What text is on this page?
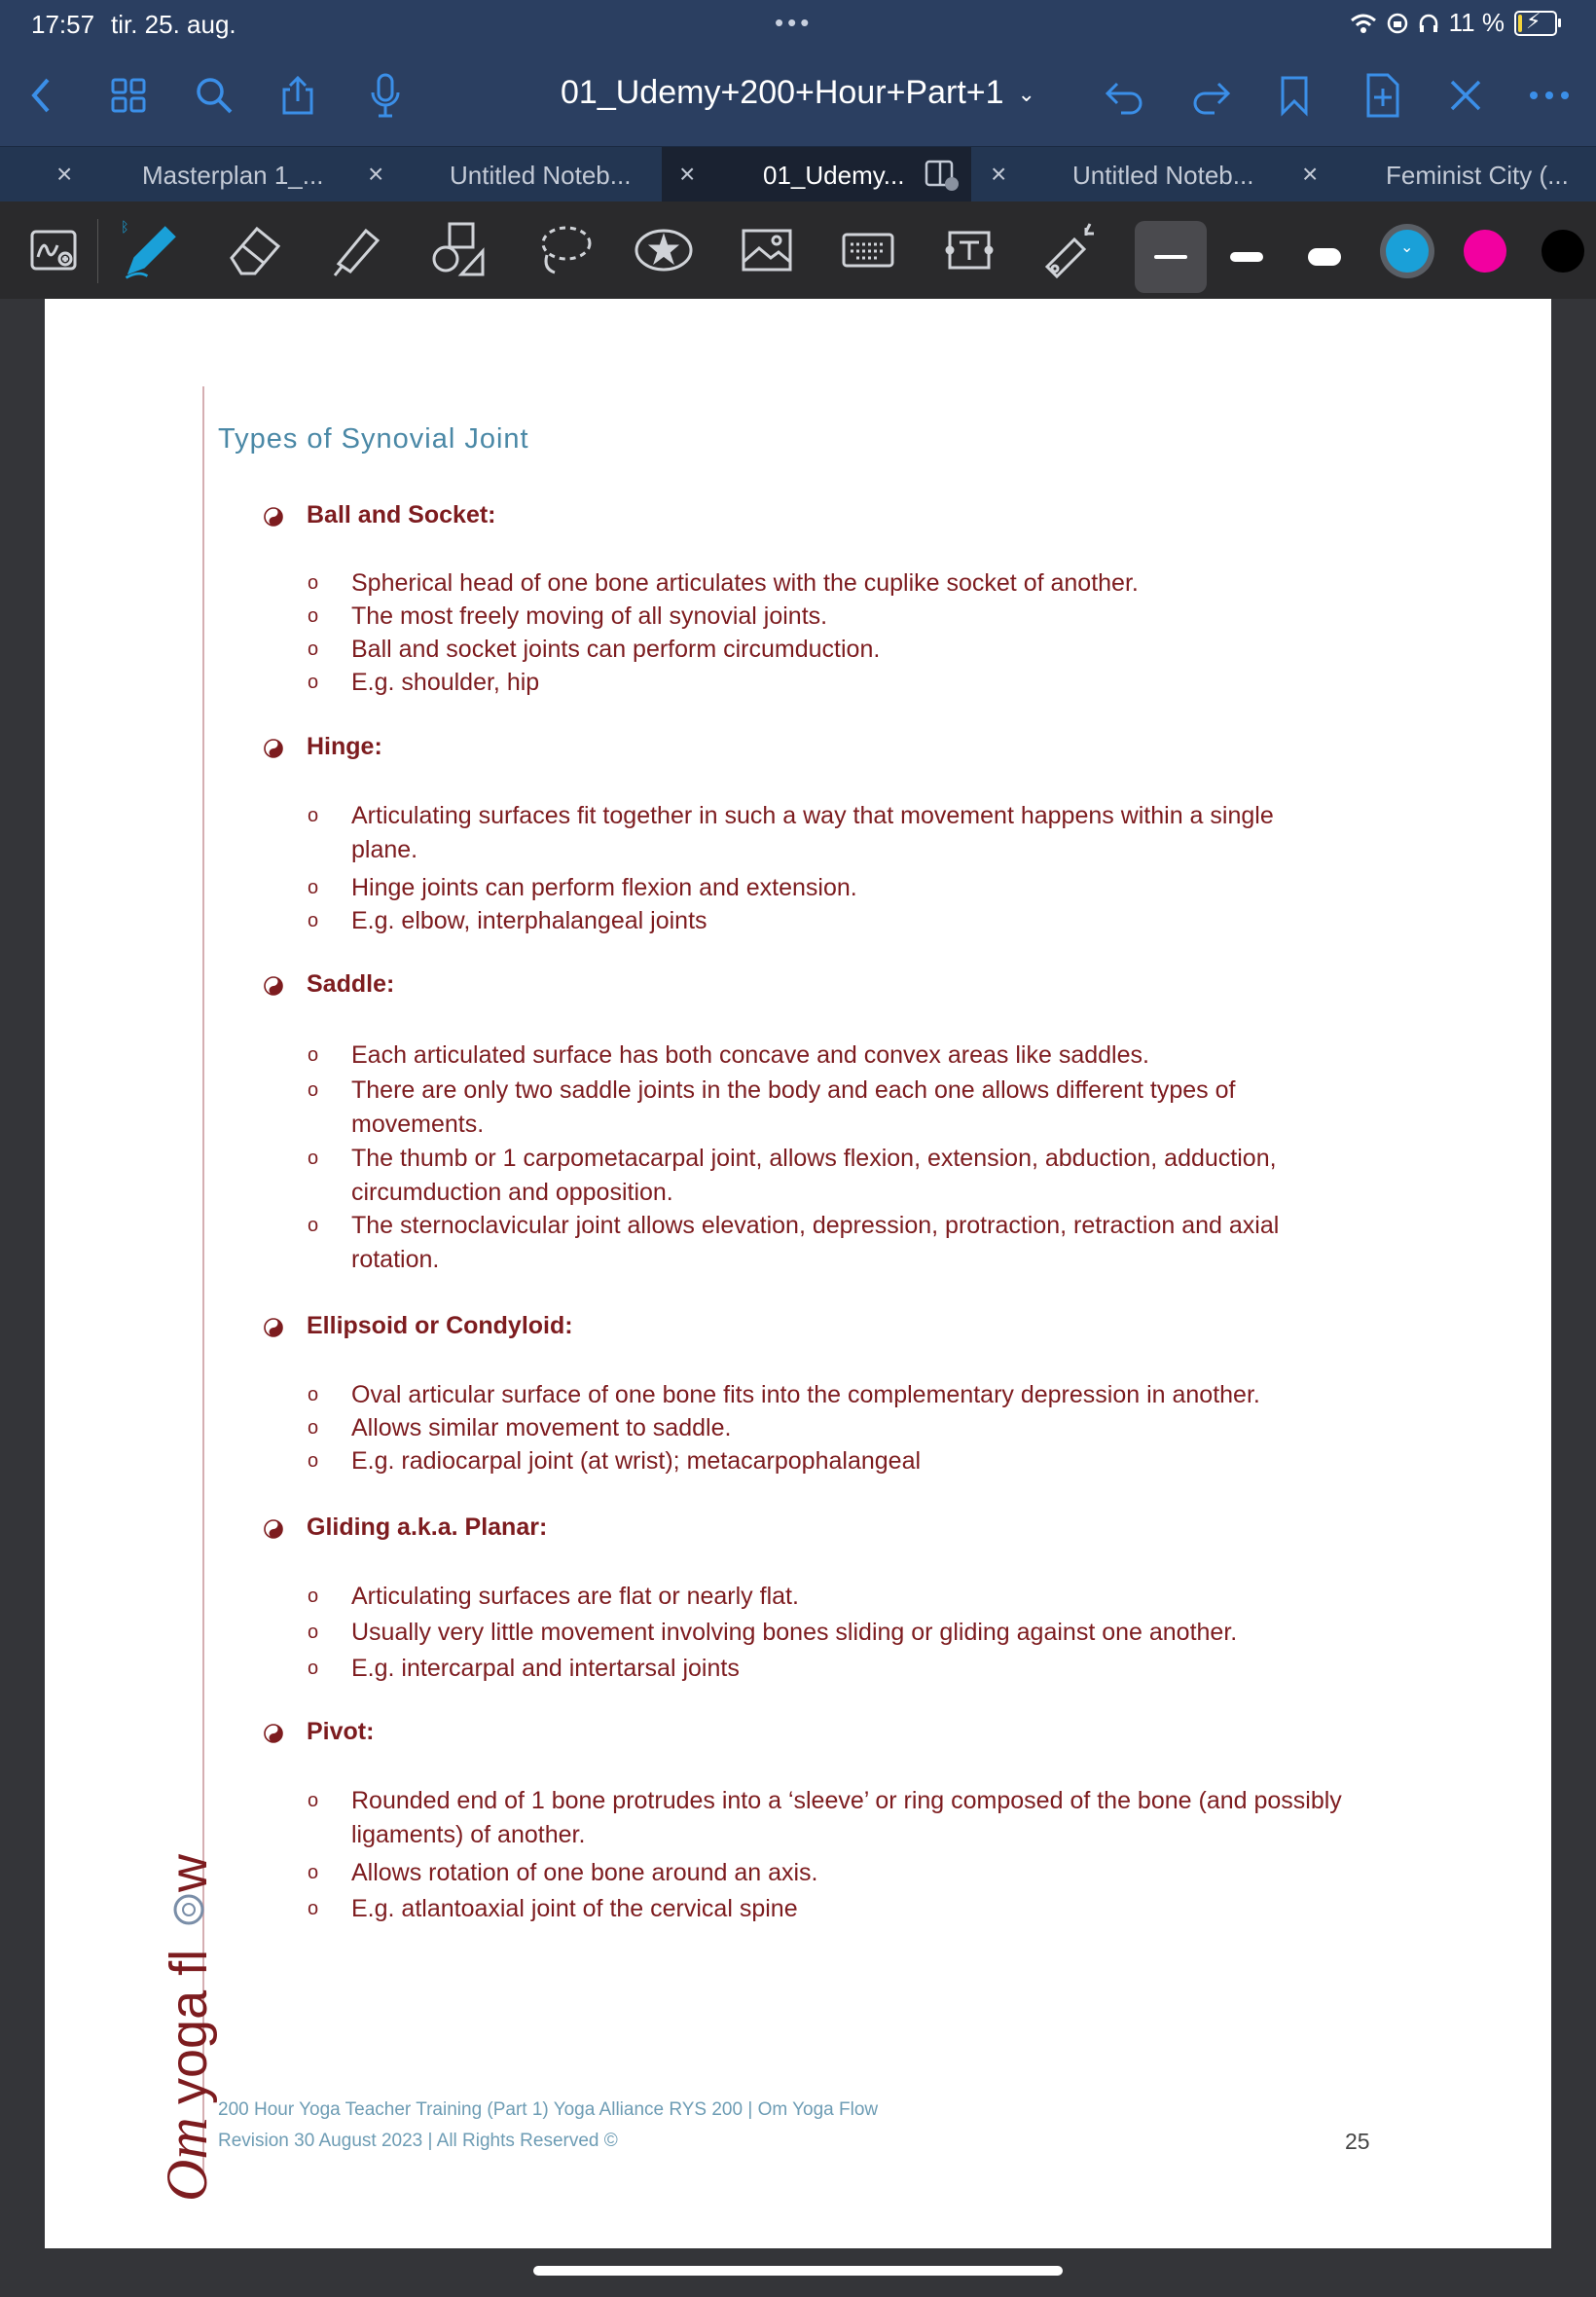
17:57 tir. 25. aug.	•••	11 % ⚡
01_Udemy+200+Hour+Part+1 ⌄
×	Masterplan 1_... ×	Untitled Noteb... ×	01_Udemy...	×	Untitled Noteb... ×	Feminist City (...
ᛒ
⌄
Om
yoga fl
w
Types of Synovial Joint
Ball and Socket:
o Spherical head of one bone articulates with the cuplike socket of another.
o The most freely moving of all synovial joints.
o Ball and socket joints can perform circumduction.
o E.g. shoulder, hip
Hinge:
o Articulating surfaces fit together in such a way that movement happens within a single plane.
o Hinge joints can perform flexion and extension.
o E.g. elbow, interphalangeal joints
Saddle:
o Each articulated surface has both concave and convex areas like saddles.
o There are only two saddle joints in the body and each one allows different types of movements.
o The thumb or 1 carpometacarpal joint, allows flexion, extension, abduction, adduction, circumduction and opposition.
o The sternoclavicular joint allows elevation, depression, protraction, retraction and axial rotation.
Ellipsoid or Condyloid:
o Oval articular surface of one bone fits into the complementary depression in another.
o Allows similar movement to saddle.
o E.g. radiocarpal joint (at wrist); metacarpophalangeal
Gliding a.k.a. Planar:
o Articulating surfaces are flat or nearly flat.
o Usually very little movement involving bones sliding or gliding against one another.
o E.g. intercarpal and intertarsal joints
Pivot:
o Rounded end of 1 bone protrudes into a ‘sleeve’ or ring composed of the bone (and possibly ligaments) of another.
o Allows rotation of one bone around an axis.
o E.g. atlantoaxial joint of the cervical spine
200 Hour Yoga Teacher Training (Part 1) Yoga Alliance RYS 200 | Om Yoga Flow
Revision 30 August 2023 | All Rights Reserved ©	25
